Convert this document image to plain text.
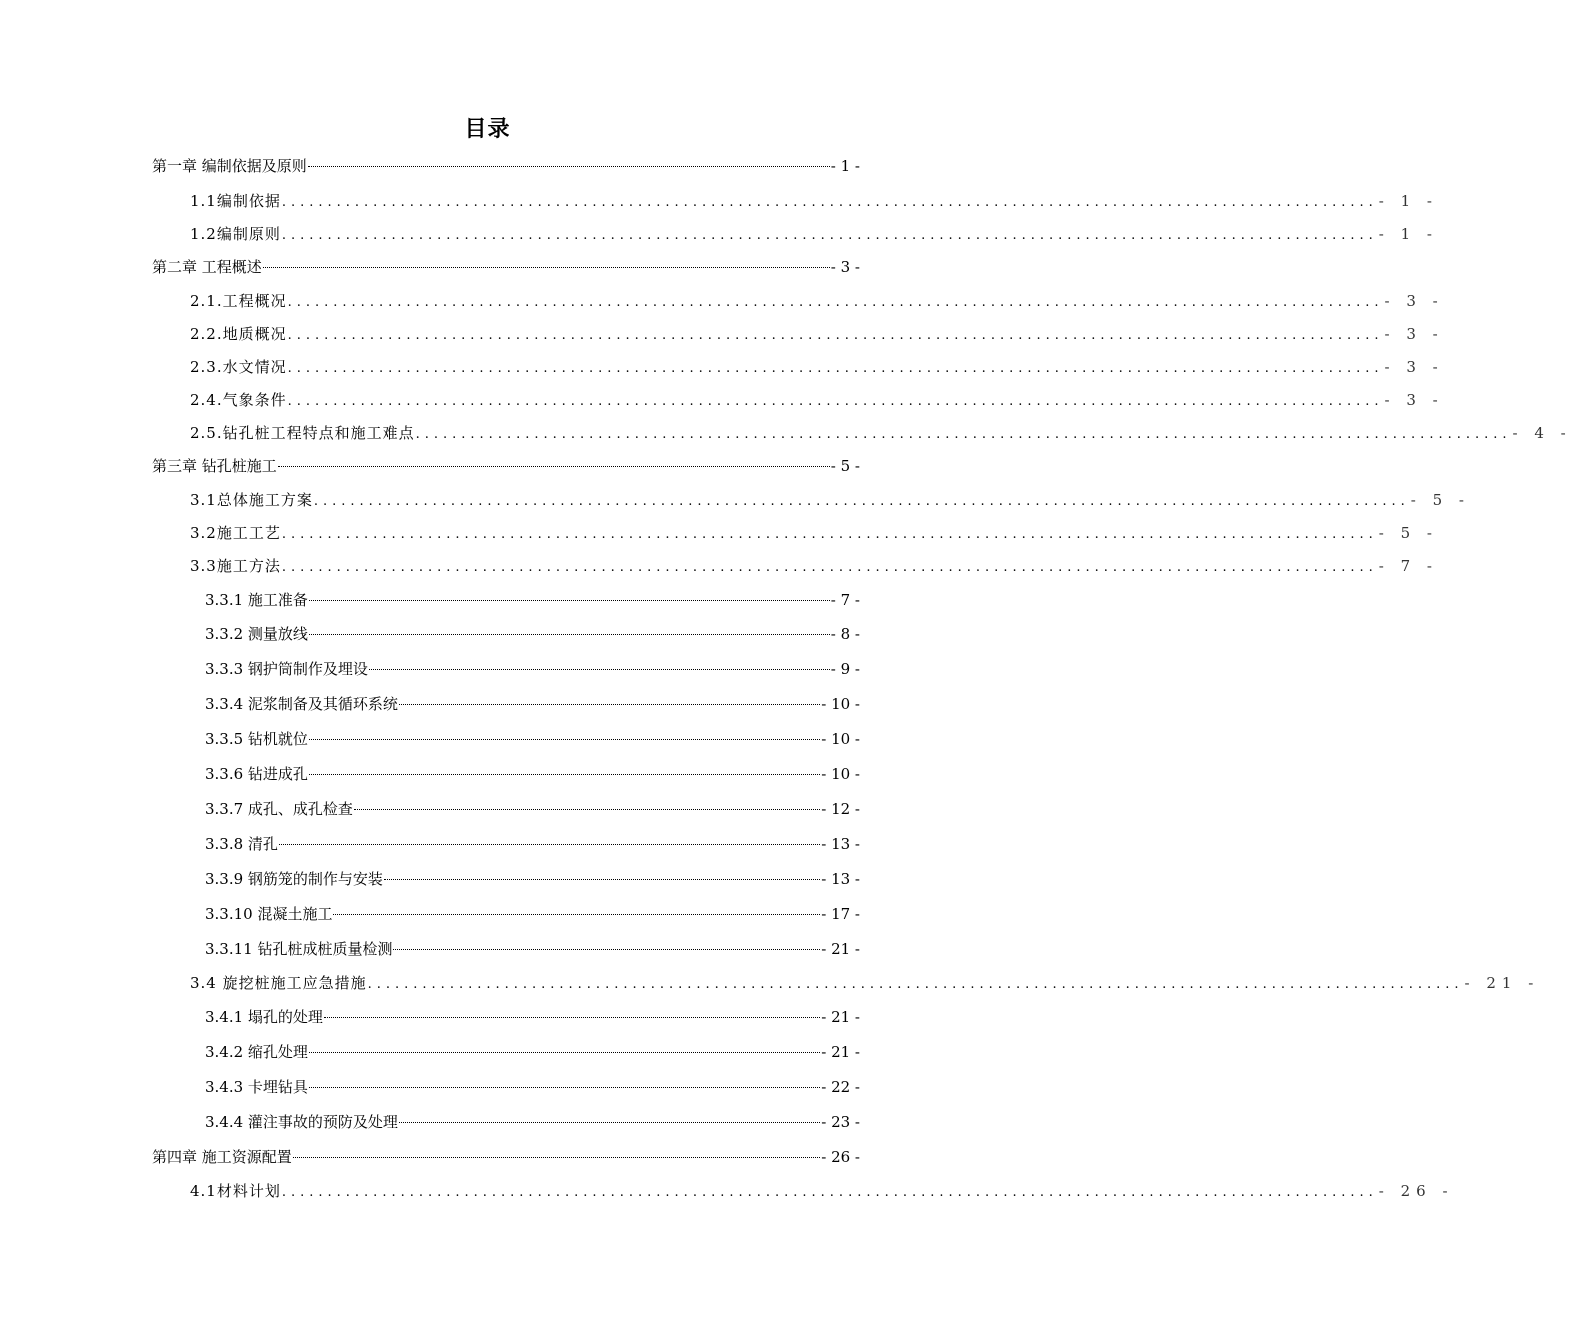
目录
第一章 编制依据及原则	- 1 -
1.1编制依据 ........................................................................................................................ - 1 -
1.2编制原则 ........................................................................................................................ - 1 -
第二章 工程概述	- 3 -
2.1.工程概况 ........................................................................................................................ - 3 -
2.2.地质概况 ........................................................................................................................ - 3 -
2.3.水文情况 ........................................................................................................................ - 3 -
2.4.气象条件 ........................................................................................................................ - 3 -
2.5.钻孔桩工程特点和施工难点 ........................................................................................................................ - 4 -
第三章 钻孔桩施工	- 5 -
3.1总体施工方案 ........................................................................................................................ - 5 -
3.2施工工艺 ........................................................................................................................ - 5 -
3.3施工方法 ........................................................................................................................ - 7 -
3.3.1 施工准备	- 7 -
3.3.2 测量放线	- 8 -
3.3.3 钢护筒制作及埋设	- 9 -
3.3.4 泥浆制备及其循环系统	- 10 -
3.3.5 钻机就位	- 10 -
3.3.6 钻进成孔	- 10 -
3.3.7 成孔、成孔检查	- 12 -
3.3.8 清孔	- 13 -
3.3.9 钢筋笼的制作与安装	- 13 -
3.3.10 混凝土施工	- 17 -
3.3.11 钻孔桩成桩质量检测	- 21 -
3.4 旋挖桩施工应急措施 ........................................................................................................................ - 21 -
3.4.1 塌孔的处理	- 21 -
3.4.2 缩孔处理	- 21 -
3.4.3 卡埋钻具	- 22 -
3.4.4 灌注事故的预防及处理	- 23 -
第四章 施工资源配置	- 26 -
4.1材料计划 ........................................................................................................................ - 26 -
